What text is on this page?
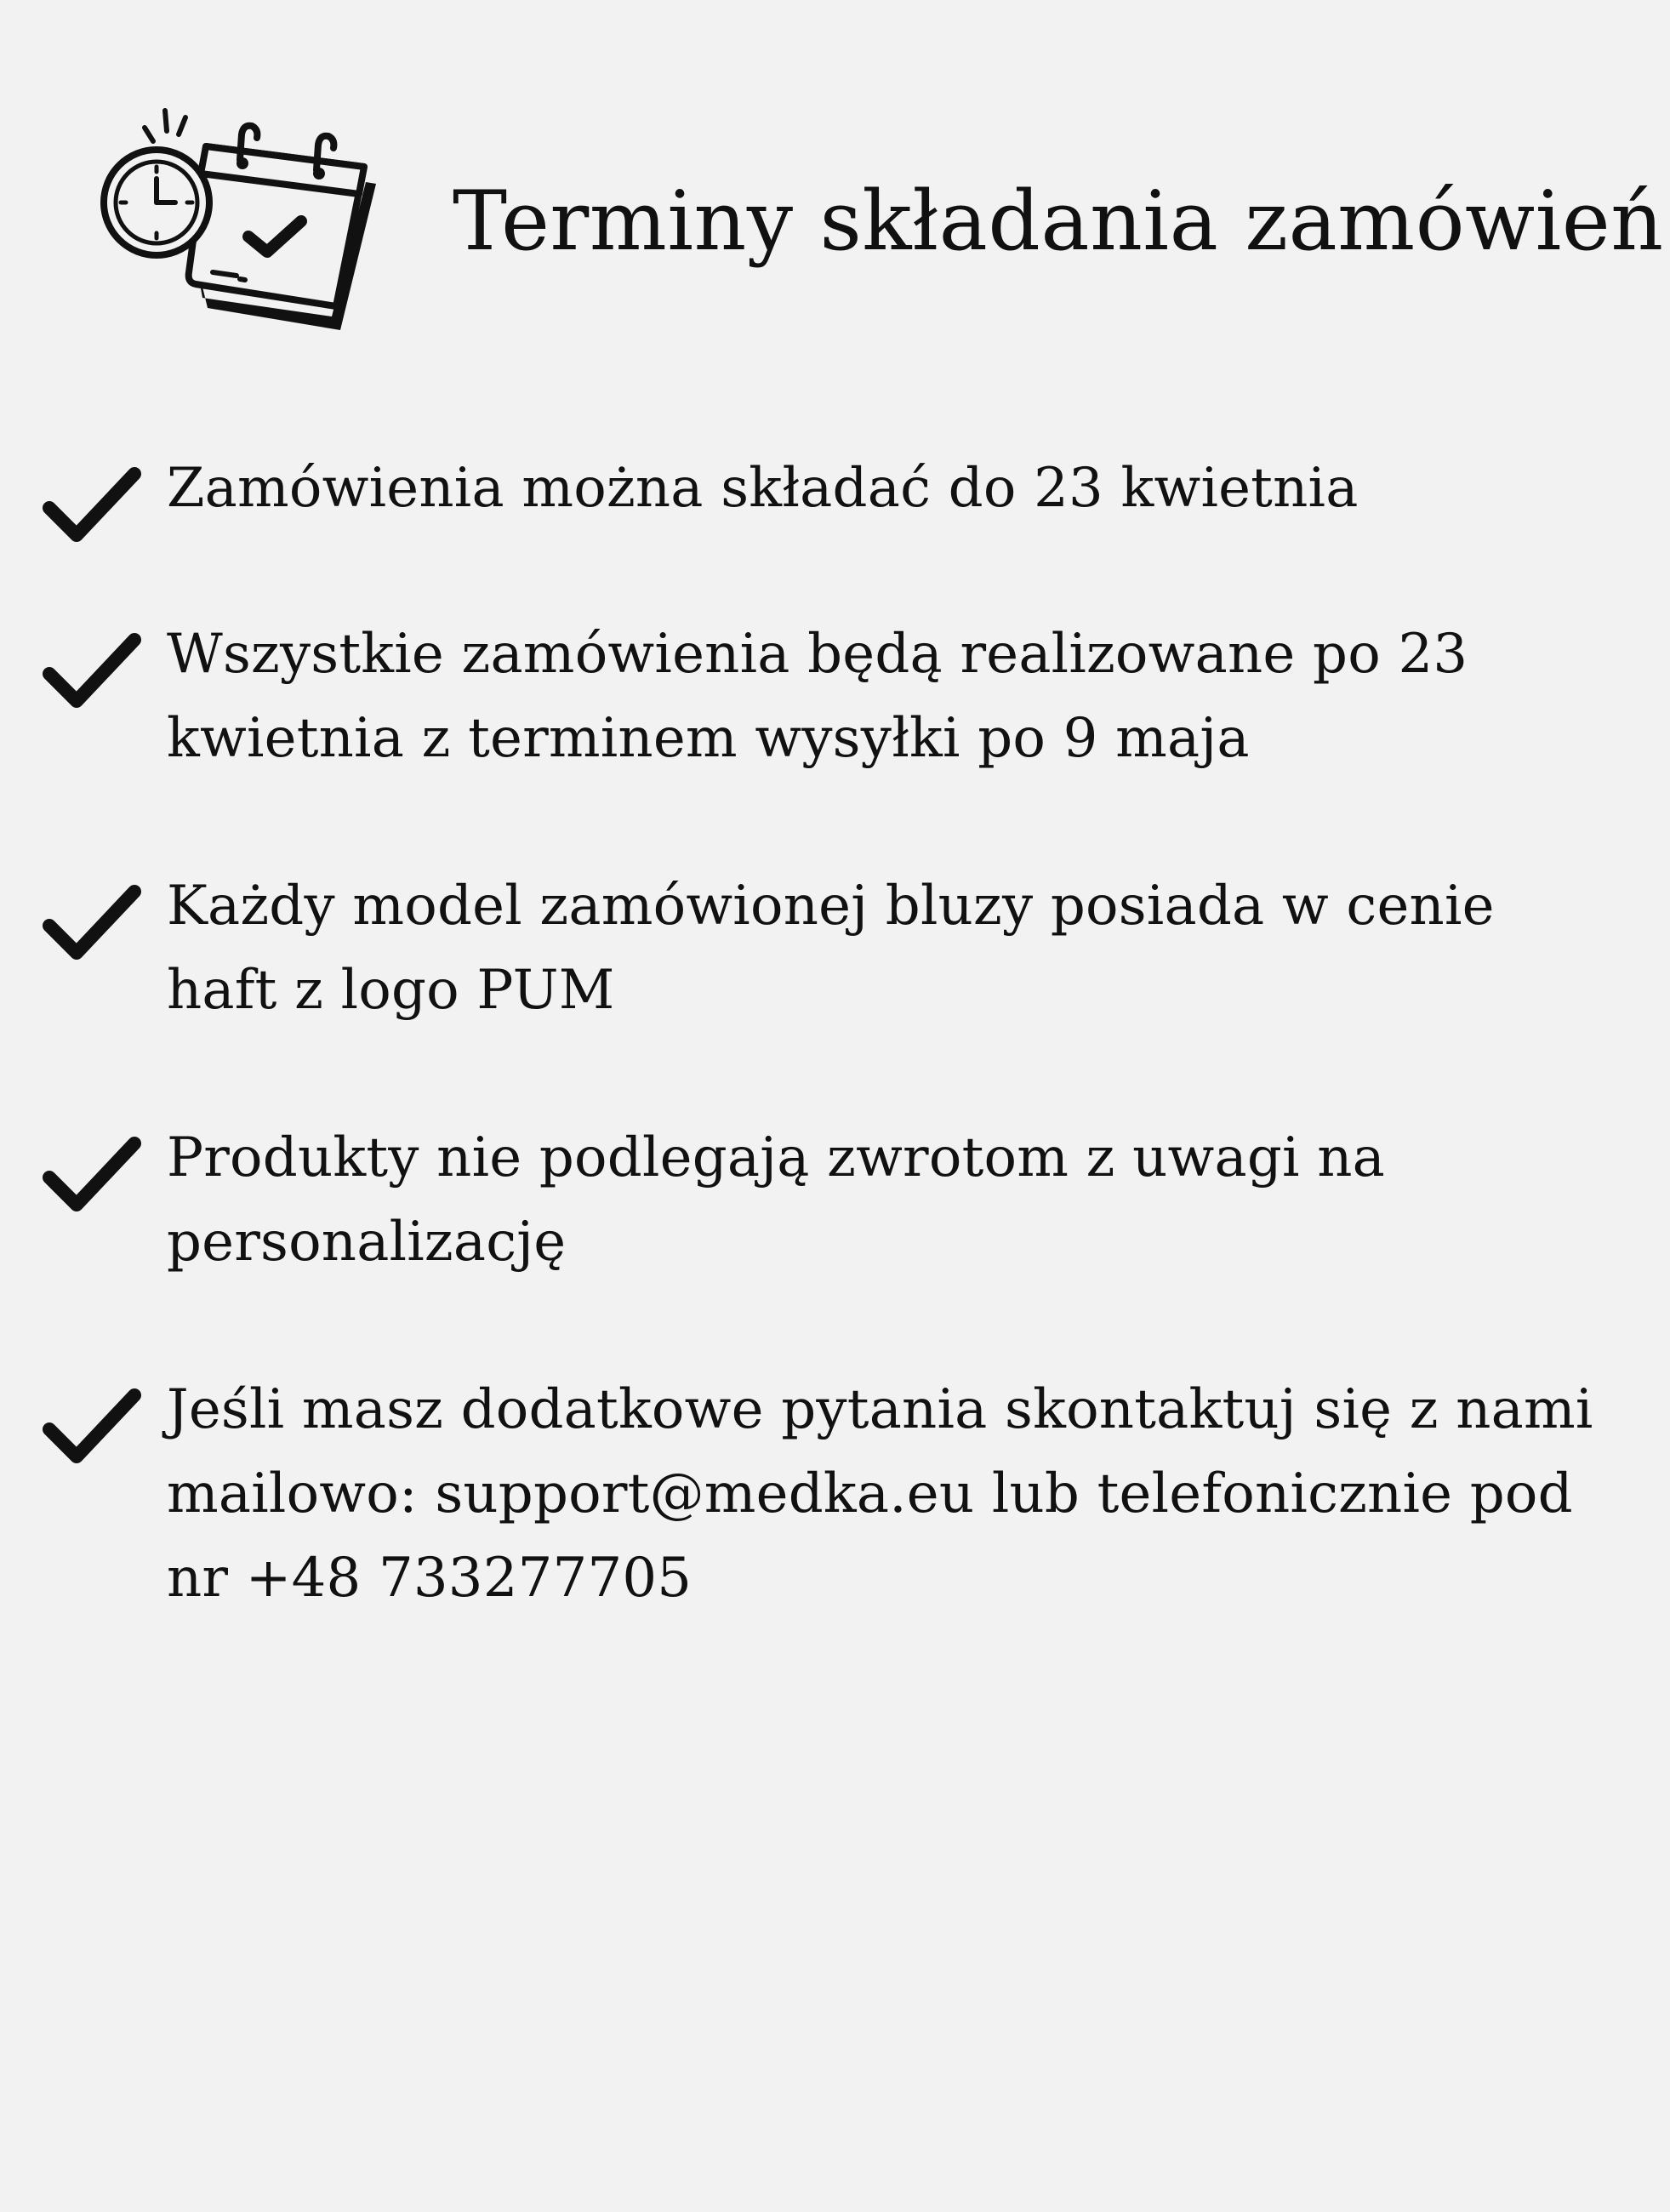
Terminy składania zamówień
Zamówienia można składać do 23 kwietnia
Wszystkie zamówienia będą realizowane po 23 kwietnia z terminem wysyłki po 9 maja
Każdy model zamówionej bluzy posiada w cenie haft z logo PUM
Produkty nie podlegają zwrotom z uwagi na personalizację
Jeśli masz dodatkowe pytania skontaktuj się z nami mailowo: support@medka.eu lub telefonicznie pod nr +48 733277705
